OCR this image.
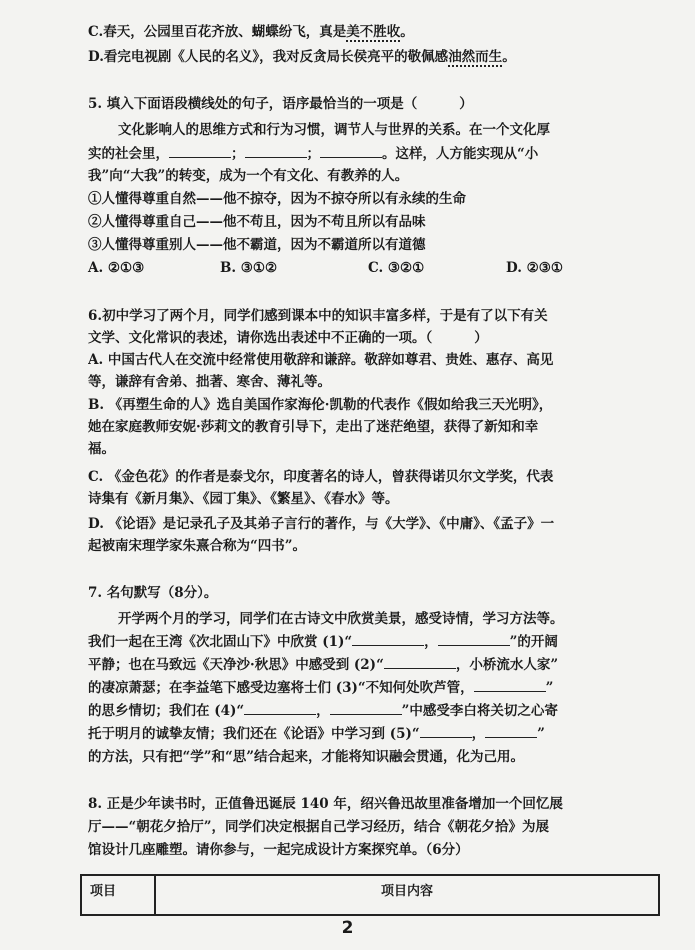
C.春天，公园里百花齐放、蝴蝶纷飞，真是美不胜收。
D.看完电视剧《人民的名义》，我对反贪局长侯亮平的敬佩感油然而生。
5. 填入下面语段横线处的句子，语序最恰当的一项是（	）
文化影响人的思维方式和行为习惯，调节人与世界的关系。在一个文化厚
实的社会里，	；	；	。这样，人方能实现从“小
我”向“大我”的转变，成为一个有文化、有教养的人。
①人懂得尊重自然——他不掠夺，因为不掠夺所以有永续的生命
②人懂得尊重自己——他不苟且，因为不苟且所以有品味
③人懂得尊重别人——他不霸道，因为不霸道所以有道德
A. ②①③	B. ③①②	C. ③②①	D. ②③①
6.初中学习了两个月，同学们感到课本中的知识丰富多样，于是有了以下有关
文学、文化常识的表述，请你选出表述中不正确的一项。（	）
A. 中国古代人在交流中经常使用敬辞和谦辞。敬辞如尊君、贵姓、惠存、高见
等，谦辞有舍弟、拙著、寒舍、薄礼等。
B. 《再塑生命的人》选自美国作家海伦·凯勒的代表作《假如给我三天光明》，
她在家庭教师安妮·莎莉文的教育引导下，走出了迷茫绝望，获得了新知和幸
福。
C. 《金色花》的作者是泰戈尔，印度著名的诗人，曾获得诺贝尔文学奖，代表
诗集有《新月集》、《园丁集》、《繁星》、《春水》等。
D. 《论语》是记录孔子及其弟子言行的著作，与《大学》、《中庸》、《孟子》一
起被南宋理学家朱熹合称为“四书”。
7. 名句默写（8分）。
开学两个月的学习，同学们在古诗文中欣赏美景，感受诗情，学习方法等。
我们一起在王湾《次北固山下》中欣赏 (1)“	，	”的开阔
平静；也在马致远《天净沙·秋思》中感受到 (2)“	，小桥流水人家”
的凄凉萧瑟；在李益笔下感受边塞将士们 (3)“不知何处吹芦管，	”
的思乡情切；我们在 (4)“	，	”中感受李白将关切之心寄
托于明月的诚挚友情；我们还在《论语》中学习到 (5)“	，	”
的方法，只有把“学”和“思”结合起来，才能将知识融会贯通，化为己用。
8. 正是少年读书时，正值鲁迅诞辰 140 年，绍兴鲁迅故里准备增加一个回忆展
厅——“朝花夕拾厅”，同学们决定根据自己学习经历，结合《朝花夕拾》为展
馆设计几座雕塑。请你参与，一起完成设计方案探究单。（6分）
项目	项目内容
2
